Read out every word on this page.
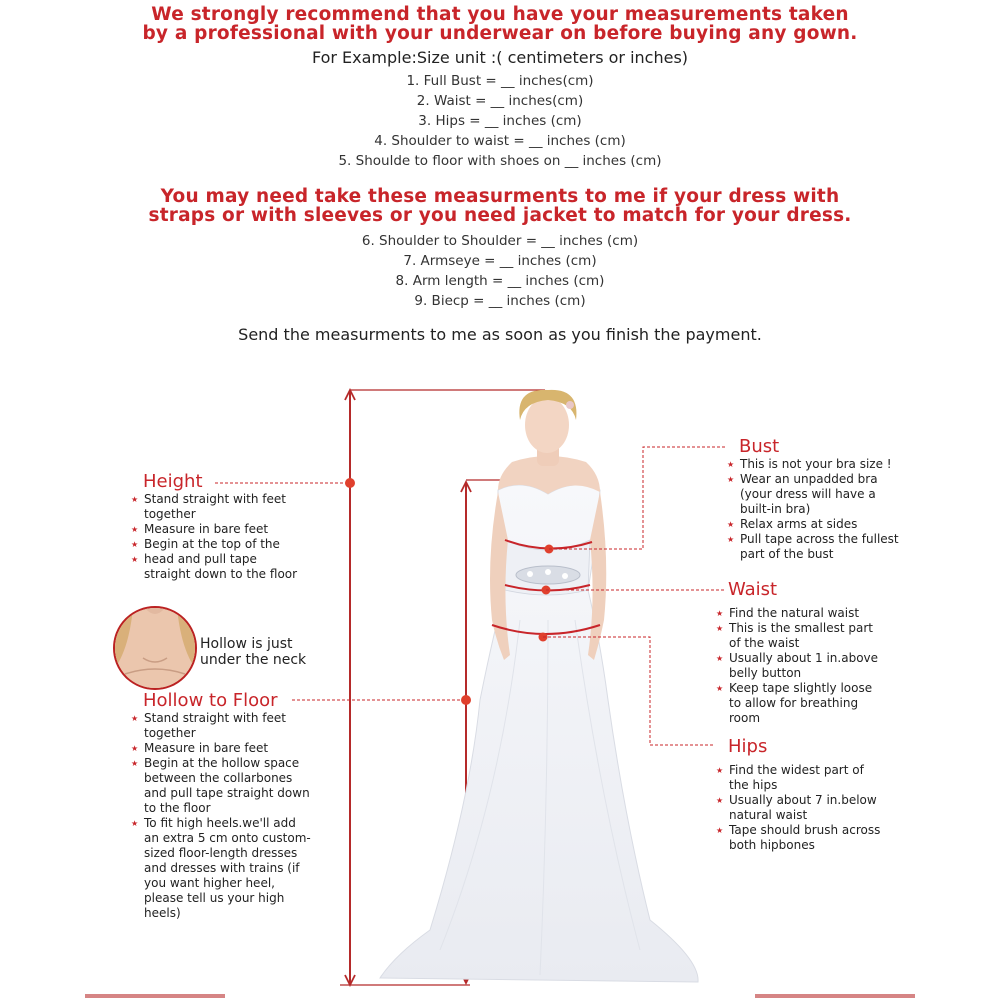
We strongly recommend that you have your measurements taken
by a professional with your underwear on before buying any gown.
For Example:Size unit :( centimeters or inches)
1. Full Bust = __ inches(cm)
2. Waist = __ inches(cm)
3. Hips = __ inches (cm)
4. Shoulder to waist = __ inches (cm)
5. Shoulde to floor with shoes on __ inches (cm)
You may need take these measurments to me if your dress with
straps or with sleeves or you need jacket to match for your dress.
6. Shoulder to Shoulder = __ inches (cm)
7. Armseye = __ inches (cm)
8. Arm length = __ inches (cm)
9. Biecp = __ inches (cm)
Send the measurments to me as soon as you finish the payment.
Hollow is just
under the neck
Height
★ Stand straight with feet together
★ Measure in bare feet
★ Begin at the top of the
★ head and pull tape straight down to the floor
Hollow to Floor
★ Stand straight with feet together
★ Measure in bare feet
★ Begin at the hollow space between the collarbones and pull tape straight down to the floor
★ To fit high heels.we'll add an extra 5 cm onto custom-sized floor-length dresses and dresses with trains (if you want higher heel, please tell us your high heels)
Bust
★ This is not your bra size !
★ Wear an unpadded bra (your dress will have a built-in bra)
★ Relax arms at sides
★ Pull tape across the fullest part of the bust
Waist
★ Find the natural waist
★ This is the smallest part of the waist
★ Usually about 1 in.above belly button
★ Keep tape slightly loose to allow for breathing room
Hips
★ Find the widest part of the hips
★ Usually about 7 in.below natural waist
★ Tape should brush across both hipbones
